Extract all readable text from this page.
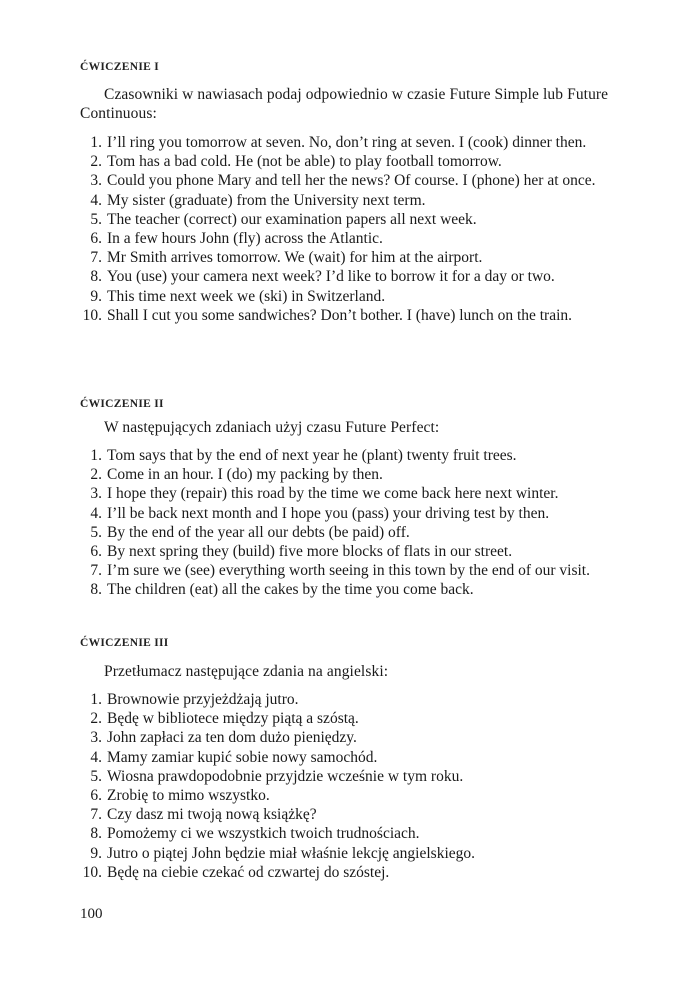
ĆWICZENIE I
Czasowniki w nawiasach podaj odpowiednio w czasie Future Simple lub Future Continuous:
1. I’ll ring you tomorrow at seven. No, don’t ring at seven. I (cook) dinner then.
2. Tom has a bad cold. He (not be able) to play football tomorrow.
3. Could you phone Mary and tell her the news? Of course. I (phone) her at once.
4. My sister (graduate) from the University next term.
5. The teacher (correct) our examination papers all next week.
6. In a few hours John (fly) across the Atlantic.
7. Mr Smith arrives tomorrow. We (wait) for him at the airport.
8. You (use) your camera next week? I’d like to borrow it for a day or two.
9. This time next week we (ski) in Switzerland.
10. Shall I cut you some sandwiches? Don’t bother. I (have) lunch on the train.
ĆWICZENIE II
W następujących zdaniach użyj czasu Future Perfect:
1. Tom says that by the end of next year he (plant) twenty fruit trees.
2. Come in an hour. I (do) my packing by then.
3. I hope they (repair) this road by the time we come back here next winter.
4. I’ll be back next month and I hope you (pass) your driving test by then.
5. By the end of the year all our debts (be paid) off.
6. By next spring they (build) five more blocks of flats in our street.
7. I’m sure we (see) everything worth seeing in this town by the end of our visit.
8. The children (eat) all the cakes by the time you come back.
ĆWICZENIE III
Przetłumacz następujące zdania na angielski:
1. Brownowie przyjeżdżają jutro.
2. Będę w bibliotece między piątą a szóstą.
3. John zapłaci za ten dom dużo pieniędzy.
4. Mamy zamiar kupić sobie nowy samochód.
5. Wiosna prawdopodobnie przyjdzie wcześnie w tym roku.
6. Zrobię to mimo wszystko.
7. Czy dasz mi twoją nową książkę?
8. Pomożemy ci we wszystkich twoich trudnościach.
9. Jutro o piątej John będzie miał właśnie lekcję angielskiego.
10. Będę na ciebie czekać od czwartej do szóstej.
100
